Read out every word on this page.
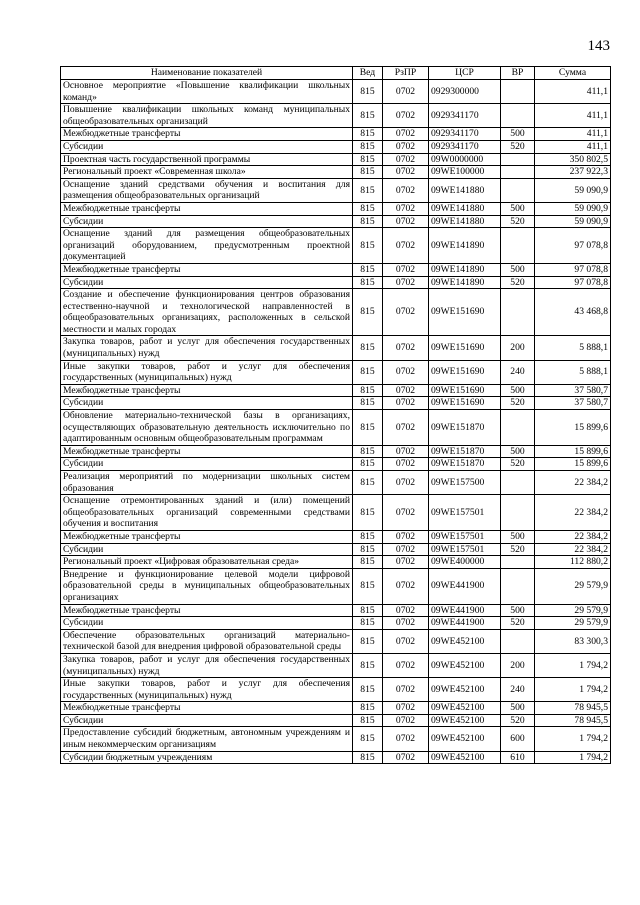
143
Наименование показателей	Вед	РзПР	ЦСР	ВР	Сумма
Основное мероприятие «Повышение квалификации школьных команд»	815	0702	0929300000		411,1
Повышение квалификации школьных команд муниципальных общеобразовательных организаций	815	0702	0929341170		411,1
Межбюджетные трансферты	815	0702	0929341170	500	411,1
Субсидии	815	0702	0929341170	520	411,1
Проектная часть государственной программы	815	0702	09W0000000		350 802,5
Региональный проект «Современная школа»	815	0702	09WE100000		237 922,3
Оснащение зданий средствами обучения и воспитания для размещения общеобразовательных организаций	815	0702	09WE141880		59 090,9
Межбюджетные трансферты	815	0702	09WE141880	500	59 090,9
Субсидии	815	0702	09WE141880	520	59 090,9
Оснащение зданий для размещения общеобразовательных организаций оборудованием, предусмотренным проектной документацией	815	0702	09WE141890		97 078,8
Межбюджетные трансферты	815	0702	09WE141890	500	97 078,8
Субсидии	815	0702	09WE141890	520	97 078,8
Создание и обеспечение функционирования центров образования естественно-научной и технологической направленностей в общеобразовательных организациях, расположенных в сельской местности и малых городах	815	0702	09WE151690		43 468,8
Закупка товаров, работ и услуг для обеспечения государственных (муниципальных) нужд	815	0702	09WE151690	200	5 888,1
Иные закупки товаров, работ и услуг для обеспечения государственных (муниципальных) нужд	815	0702	09WE151690	240	5 888,1
Межбюджетные трансферты	815	0702	09WE151690	500	37 580,7
Субсидии	815	0702	09WE151690	520	37 580,7
Обновление материально-технической базы в организациях, осуществляющих образовательную деятельность исключительно по адаптированным основным общеобразовательным программам	815	0702	09WE151870		15 899,6
Межбюджетные трансферты	815	0702	09WE151870	500	15 899,6
Субсидии	815	0702	09WE151870	520	15 899,6
Реализация мероприятий по модернизации школьных систем образования	815	0702	09WE157500		22 384,2
Оснащение отремонтированных зданий и (или) помещений общеобразовательных организаций современными средствами обучения и воспитания	815	0702	09WE157501		22 384,2
Межбюджетные трансферты	815	0702	09WE157501	500	22 384,2
Субсидии	815	0702	09WE157501	520	22 384,2
Региональный проект «Цифровая образовательная среда»	815	0702	09WE400000		112 880,2
Внедрение и функционирование целевой модели цифровой образовательной среды в муниципальных общеобразовательных организациях	815	0702	09WE441900		29 579,9
Межбюджетные трансферты	815	0702	09WE441900	500	29 579,9
Субсидии	815	0702	09WE441900	520	29 579,9
Обеспечение образовательных организаций материально-технической базой для внедрения цифровой образовательной среды	815	0702	09WE452100		83 300,3
Закупка товаров, работ и услуг для обеспечения государственных (муниципальных) нужд	815	0702	09WE452100	200	1 794,2
Иные закупки товаров, работ и услуг для обеспечения государственных (муниципальных) нужд	815	0702	09WE452100	240	1 794,2
Межбюджетные трансферты	815	0702	09WE452100	500	78 945,5
Субсидии	815	0702	09WE452100	520	78 945,5
Предоставление субсидий бюджетным, автономным учреждениям и иным некоммерческим организациям	815	0702	09WE452100	600	1 794,2
Субсидии бюджетным учреждениям	815	0702	09WE452100	610	1 794,2
